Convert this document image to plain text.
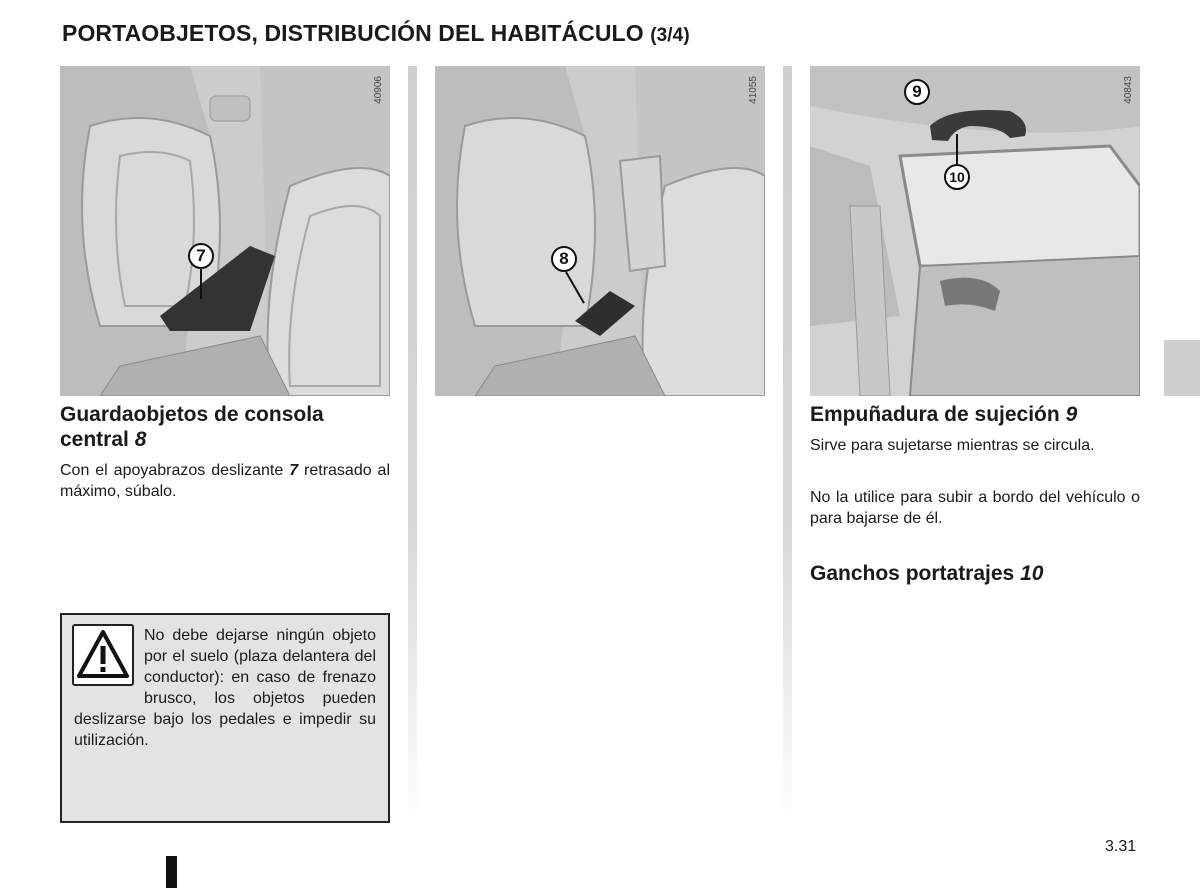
PORTAOBJETOS, DISTRIBUCIÓN DEL HABITÁCULO (3/4)
40906
7
41055
8
40843
9
10
Guardaobjetos de consola
central 8

Con el apoyabrazos deslizante 7 retrasado al máximo, súbalo.

No debe dejarse ningún objeto por el suelo (plaza delantera del conductor): en caso de frenazo brusco, los objetos pueden deslizarse bajo los pedales e impedir su utilización.

Empuñadura de sujeción 9

Sirve para sujetarse mientras se circula.

No la utilice para subir a bordo del vehículo o para bajarse de él.

Ganchos portatrajes 10
3.31
